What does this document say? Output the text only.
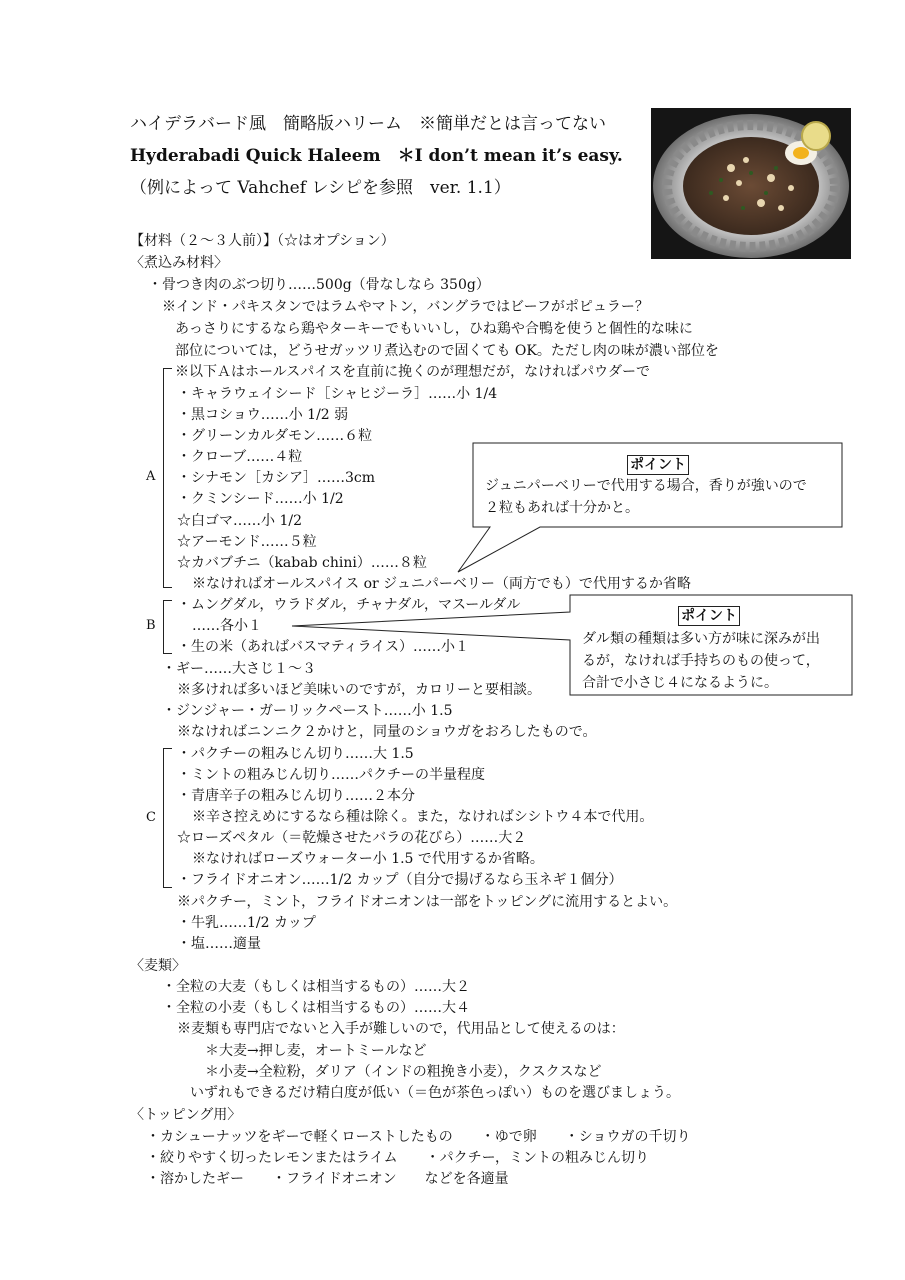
ハイデラバード風　簡略版ハリーム　※簡単だとは言ってない
Hyderabadi Quick Haleem　＊I don’t mean it’s easy.
（例によって Vahchef レシピを参照　ver. 1.1）
【材料（２～３人前）】（☆はオプション）
〈煮込み材料〉
・骨つき肉のぶつ切り……500g（骨なしなら 350g）
※インド・パキスタンではラムやマトン，バングラではビーフがポピュラー？
あっさりにするなら鶏やターキーでもいいし，ひね鶏や合鴨を使うと個性的な味に
部位については，どうせガッツリ煮込むので固くても OK。ただし肉の味が濃い部位を
A
※以下Ａはホールスパイスを直前に挽くのが理想だが，なければパウダーで
・キャラウェイシード［シャヒジーラ］……小 1/4
・黒コショウ……小 1/2 弱
・グリーンカルダモン……６粒
・クローブ……４粒
・シナモン［カシア］……3cm
・クミンシード……小 1/2
☆白ゴマ……小 1/2
☆アーモンド……５粒
☆カバブチニ（kabab chini）……８粒
※なければオールスパイス or ジュニパーベリー（両方でも）で代用するか省略
B
・ムングダル，ウラドダル，チャナダル，マスールダル
……各小１
・生の米（あればバスマティライス）……小１
・ギー……大さじ１～３
※多ければ多いほど美味いのですが，カロリーと要相談。
・ジンジャー・ガーリックペースト……小 1.5
※なければニンニク２かけと，同量のショウガをおろしたもので。
C
・パクチーの粗みじん切り……大 1.5
・ミントの粗みじん切り……パクチーの半量程度
・青唐辛子の粗みじん切り……２本分
※辛さ控えめにするなら種は除く。また，なければシシトウ４本で代用。
☆ローズペタル（＝乾燥させたバラの花びら）……大２
※なければローズウォーター小 1.5 で代用するか省略。
・フライドオニオン……1/2 カップ（自分で揚げるなら玉ネギ１個分）
※パクチー，ミント，フライドオニオンは一部をトッピングに流用するとよい。
・牛乳……1/2 カップ
・塩……適量
〈麦類〉
・全粒の大麦（もしくは相当するもの）……大２
・全粒の小麦（もしくは相当するもの）……大４
※麦類も専門店でないと入手が難しいので，代用品として使えるのは：
＊大麦→押し麦，オートミールなど
＊小麦→全粒粉，ダリア（インドの粗挽き小麦），クスクスなど
いずれもできるだけ精白度が低い（＝色が茶色っぽい）ものを選びましょう。
〈トッピング用〉
・カシューナッツをギーで軽くローストしたもの　　・ゆで卵　　・ショウガの千切り
・絞りやすく切ったレモンまたはライム　　・パクチー，ミントの粗みじん切り
・溶かしたギー　　・フライドオニオン　　などを各適量
ポイント
ジュニパーベリーで代用する場合，香りが強いので
２粒もあれば十分かと。
ポイント
ダル類の種類は多い方が味に深みが出
るが，なければ手持ちのもの使って，
合計で小さじ４になるように。
